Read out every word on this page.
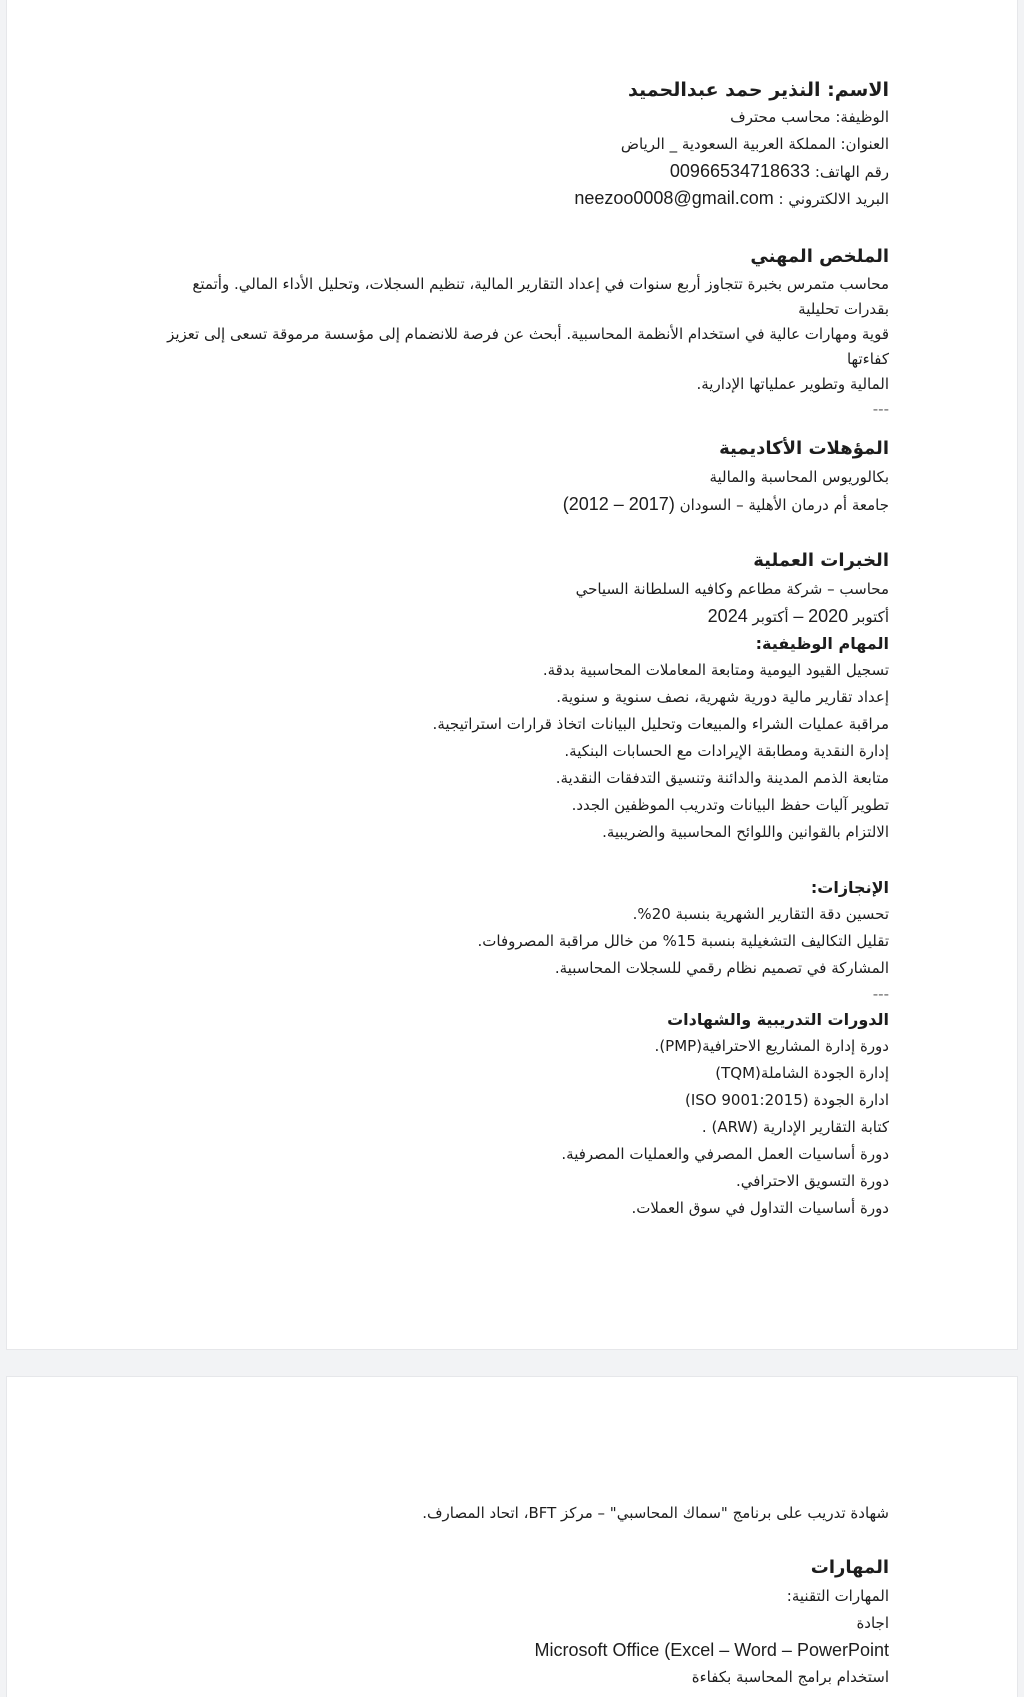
الاسم: النذير حمد عبدالحميد
الوظيفة: محاسب محترف
العنوان: المملكة العربية السعودية _ الرياض
رقم الهاتف: 00966534718633
البريد الالكتروني : neezoo0008@gmail.com
الملخص المهني
محاسب متمرس بخبرة تتجاوز أربع سنوات في إعداد التقارير المالية، تنظيم السجلات، وتحليل الأداء المالي. وأتمتع
بقدرات تحليلية
قوية ومهارات عالية في استخدام الأنظمة المحاسبية. أبحث عن فرصة للانضمام إلى مؤسسة مرموقة تسعى إلى تعزيز
كفاءتها
المالية وتطوير عملياتها الإدارية.
---
المؤهلات الأكاديمية
بكالوريوس المحاسبة والمالية
جامعة أم درمان الأهلية – السودان (2017 – 2012)
الخبرات العملية
محاسب – شركة مطاعم وكافيه السلطانة السياحي
أكتوبر 2020 – أكتوبر 2024
المهام الوظيفية:
تسجيل القيود اليومية ومتابعة المعاملات المحاسبية بدقة.
إعداد تقارير مالية دورية شهرية، نصف سنوية و سنوية.
مراقبة عمليات الشراء والمبيعات وتحليل البيانات اتخاذ قرارات استراتيجية.
إدارة النقدية ومطابقة الإيرادات مع الحسابات البنكية.
متابعة الذمم المدينة والدائنة وتنسيق التدفقات النقدية.
تطوير آليات حفظ البيانات وتدريب الموظفين الجدد.
الالتزام بالقوانين واللوائح المحاسبية والضريبية.
الإنجازات:
تحسين دقة التقارير الشهرية بنسبة 20%.
تقليل التكاليف التشغيلية بنسبة 15% من خالل مراقبة المصروفات.
المشاركة في تصميم نظام رقمي للسجلات المحاسبية.
---
الدورات التدريبية والشهادات
دورة إدارة المشاريع الاحترافية(PMP).
إدارة الجودة الشاملة(TQM)
ادارة الجودة (ISO 9001:2015)
كتابة التقارير الإدارية (ARW) .
دورة أساسيات العمل المصرفي والعمليات المصرفية.
دورة التسويق الاحترافي.
دورة أساسيات التداول في سوق العملات.
شهادة تدريب على برنامج "سماك المحاسبي" – مركز BFT، اتحاد المصارف.
المهارات
المهارات التقنية:
اجادة
Microsoft Office (Excel – Word – PowerPoint
استخدام برامج المحاسبة بكفاءة
